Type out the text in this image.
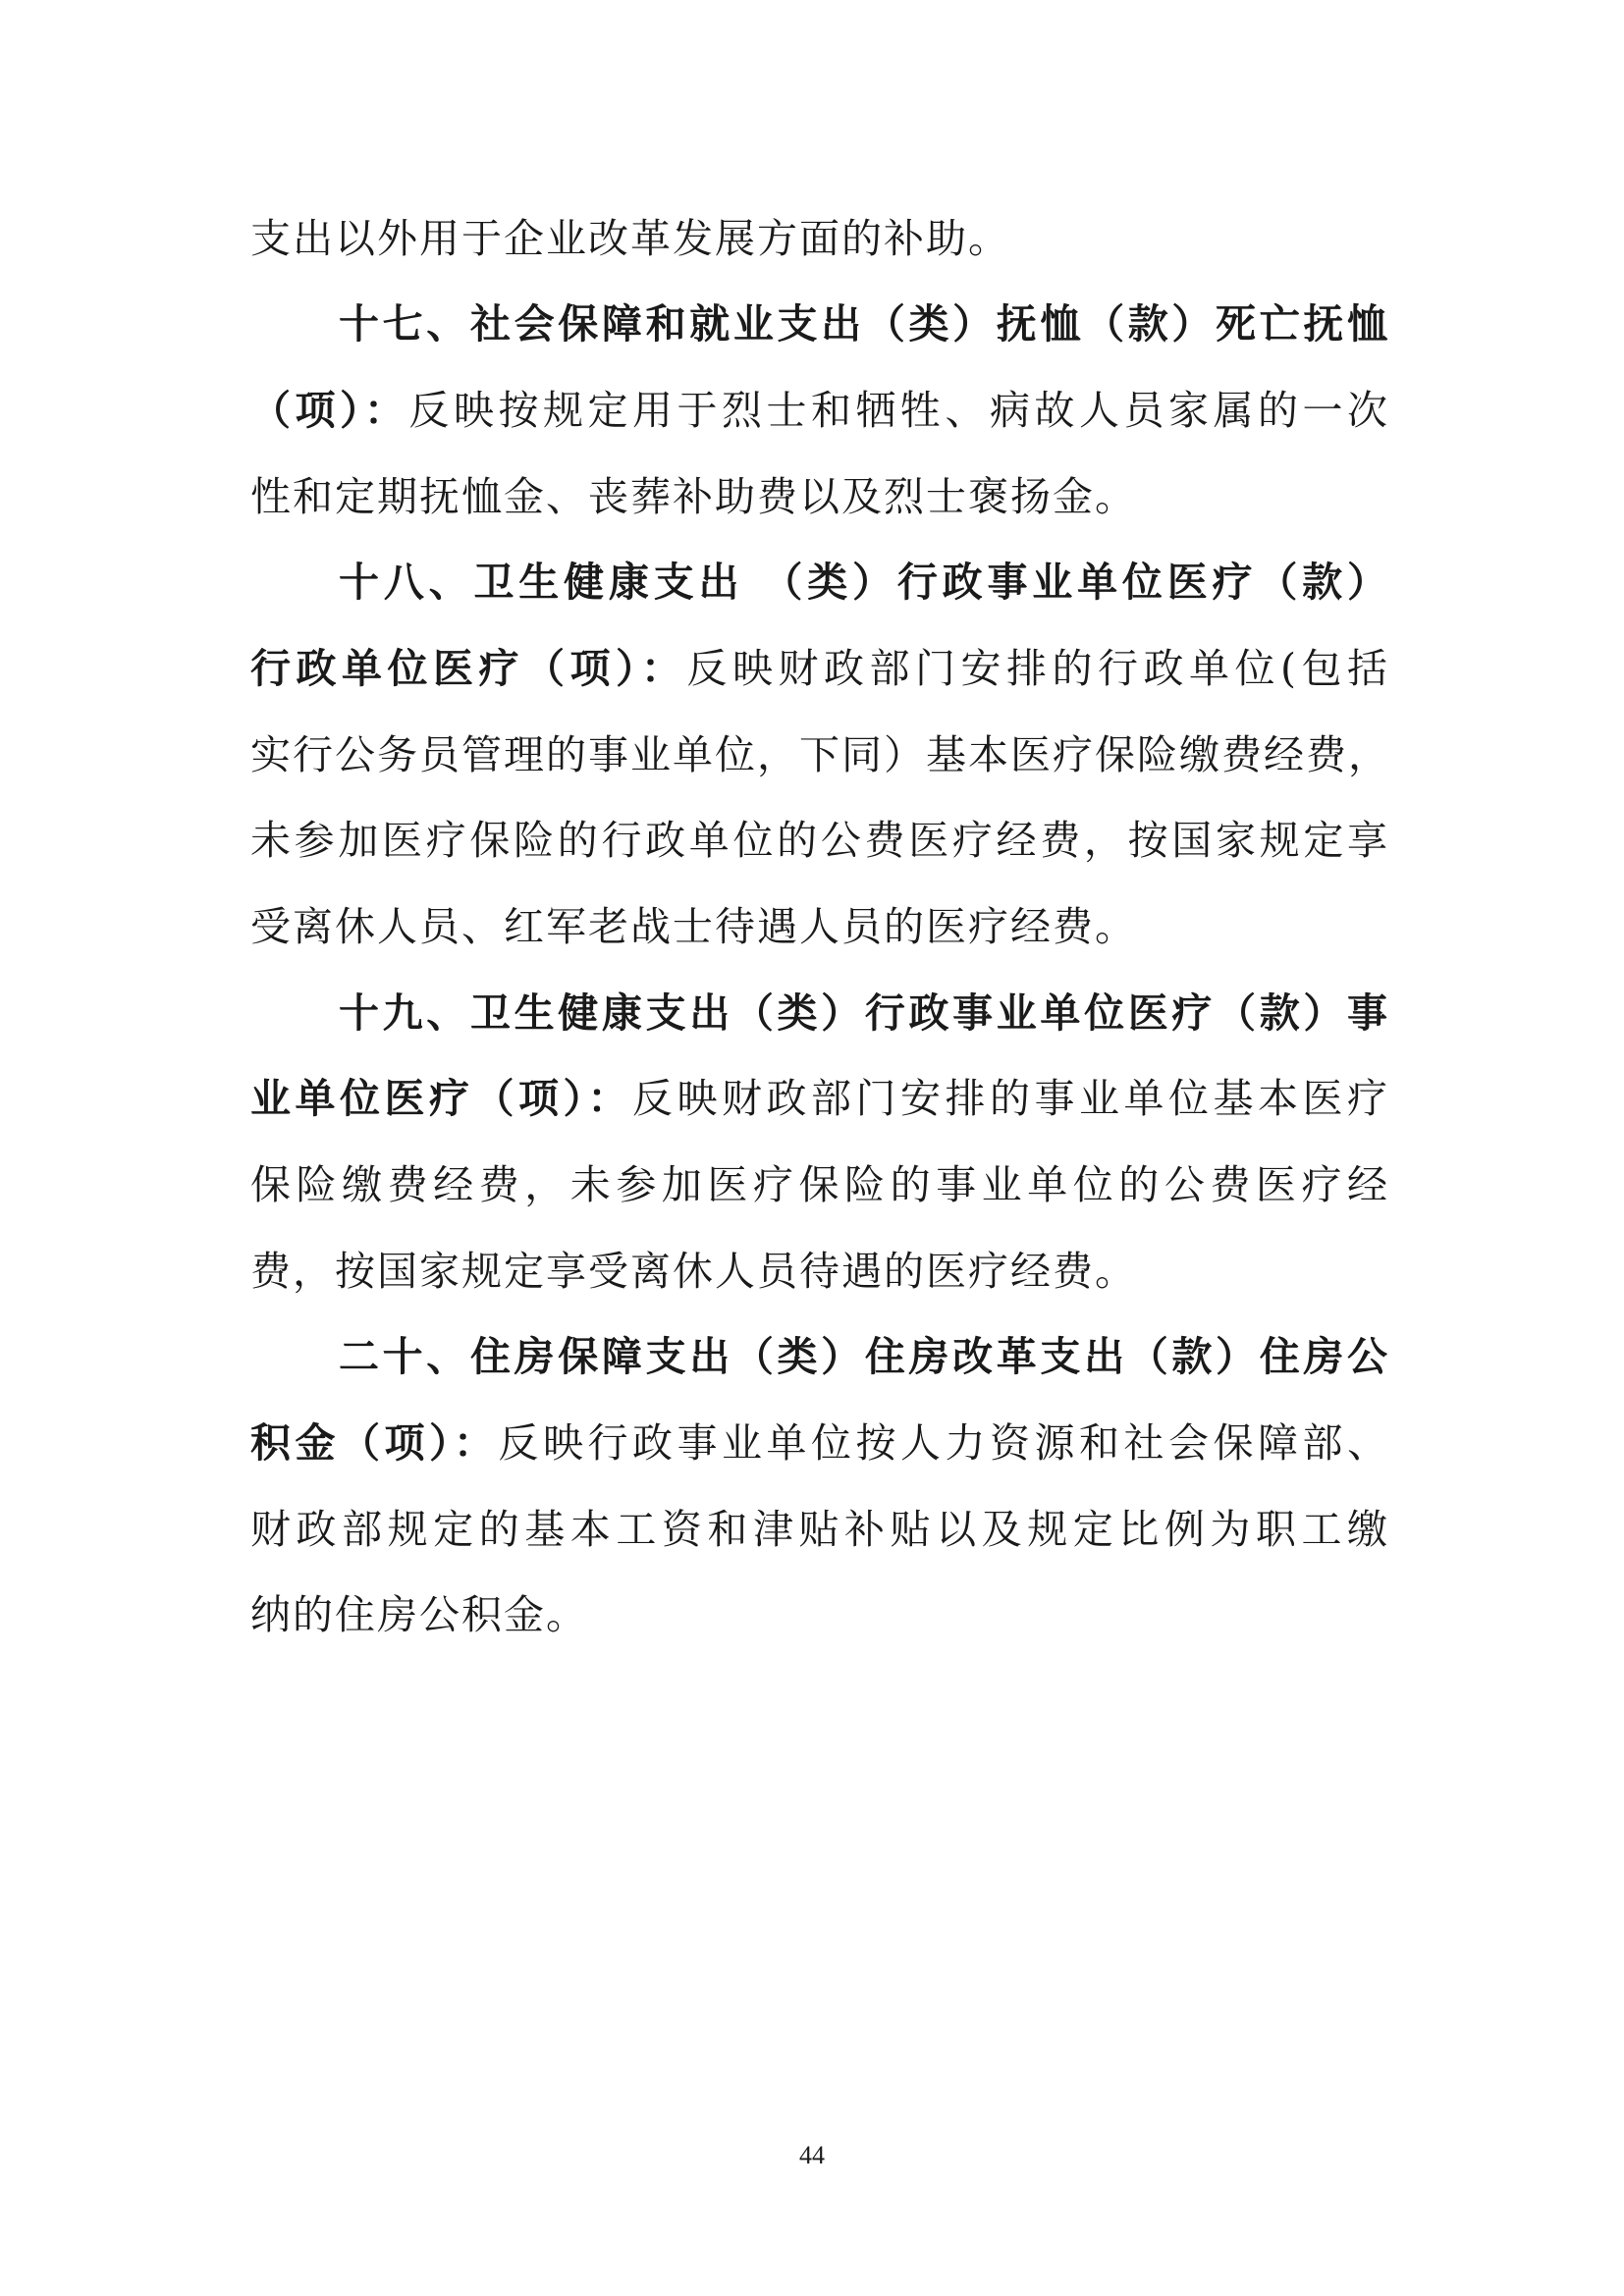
支出以外用于企业改革发展方面的补助。
十七、社会保障和就业支出（类）抚恤（款）死亡抚恤
（项）：反映按规定用于烈士和牺牲、病故人员家属的一次
性和定期抚恤金、丧葬补助费以及烈士褒扬金。
十八、卫生健康支出 （类）行政事业单位医疗（款）
行政单位医疗（项）：反映财政部门安排的行政单位(包括
实行公务员管理的事业单位，下同）基本医疗保险缴费经费，
未参加医疗保险的行政单位的公费医疗经费，按国家规定享
受离休人员、红军老战士待遇人员的医疗经费。
十九、卫生健康支出（类）行政事业单位医疗（款）事
业单位医疗（项）：反映财政部门安排的事业单位基本医疗
保险缴费经费，未参加医疗保险的事业单位的公费医疗经
费，按国家规定享受离休人员待遇的医疗经费。
二十、住房保障支出（类）住房改革支出（款）住房公
积金（项）：反映行政事业单位按人力资源和社会保障部、
财政部规定的基本工资和津贴补贴以及规定比例为职工缴
纳的住房公积金。
44
